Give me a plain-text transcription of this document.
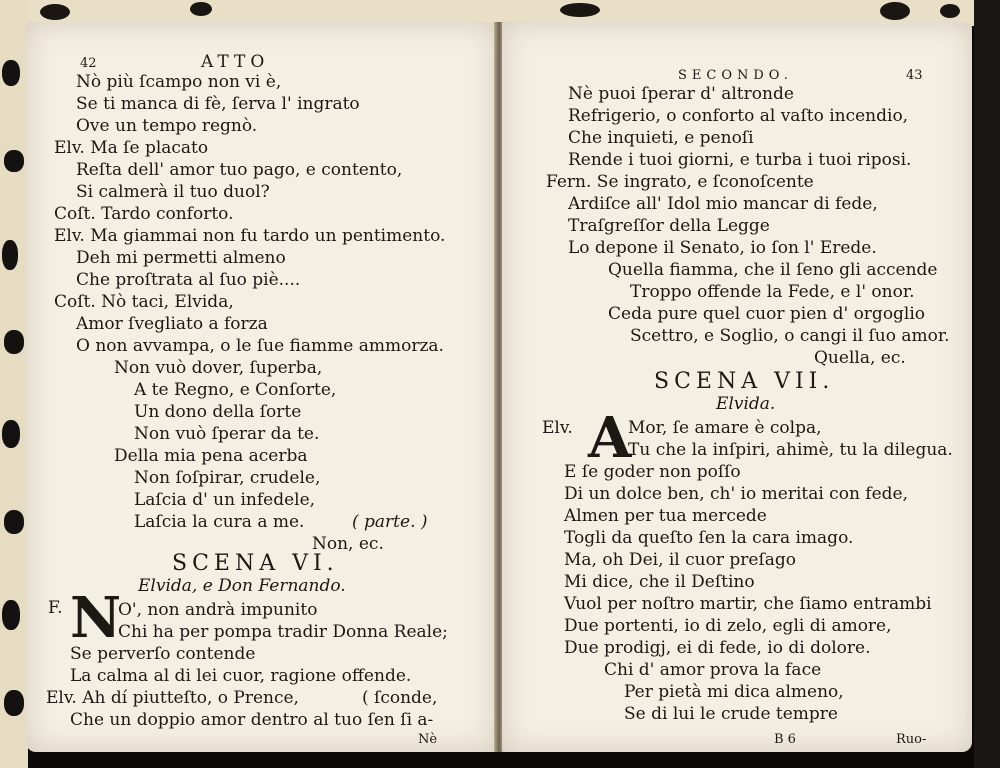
42	ATTO
Nò più ſcampo non vi è,
Se ti manca di fè, ſerva l' ingrato
Ove un tempo regnò.
Elv. Ma ſe placato
Reſta dell' amor tuo pago, e contento,
Si calmerà il tuo duol?
Coſt. Tardo conforto.
Elv. Ma giammai non fu tardo un pentimento.
Deh mi permetti almeno
Che proſtrata al ſuo piè....
Coſt. Nò taci, Elvida,
Amor ſvegliato a forza
O non avvampa, o le ſue fiamme ammorza.
Non vuò dover, ſuperba,
A te Regno, e Conſorte,
Un dono della ſorte
Non vuò ſperar da te.
Della mia pena acerba
Non ſoſpirar, crudele,
Laſcia d' un infedele,
Laſcia la cura a me.	( parte. )
Non, ec.
SCENA VI.
Elvida, e Don Fernando.
F. N
O', non andrà impunito
Chi ha per pompa tradir Donna Reale;
Se perverſo contende
La calma al di lei cuor, ragione offende.
Elv. Ah dí piutteſto, o Prence,	( ſconde,
Che un doppio amor dentro al tuo ſen ſi a-
Nè
SECONDO.	43
Nè puoi ſperar d' altronde
Refrigerio, o conforto al vaſto incendio,
Che inquieti, e penoſi
Rende i tuoi giorni, e turba i tuoi riposi.
Fern. Se ingrato, e ſconoſcente
Ardiſce all' Idol mio mancar di fede,
Traſgreſſor della Legge
Lo depone il Senato, io ſon l' Erede.
Quella fiamma, che il ſeno gli accende
Troppo offende la Fede, e l' onor.
Ceda pure quel cuor pien d' orgoglio
Scettro, e Soglio, o cangi il ſuo amor.
Quella, ec.
SCENA VII.
Elvida.
Elv. A
Mor, ſe amare è colpa,
Tu che la inſpiri, ahimè, tu la dilegua.
E ſe goder non poſſo
Di un dolce ben, ch' io meritai con fede,
Almen per tua mercede
Togli da queſto ſen la cara imago.
Ma, oh Dei, il cuor preſago
Mi dice, che il Deſtino
Vuol per noſtro martir, che ſiamo entrambi
Due portenti, io di zelo, egli di amore,
Due prodigj, ei di fede, io di dolore.
Chi d' amor prova la face
Per pietà mi dica almeno,
Se di lui le crude tempre
B 6	Ruo-
